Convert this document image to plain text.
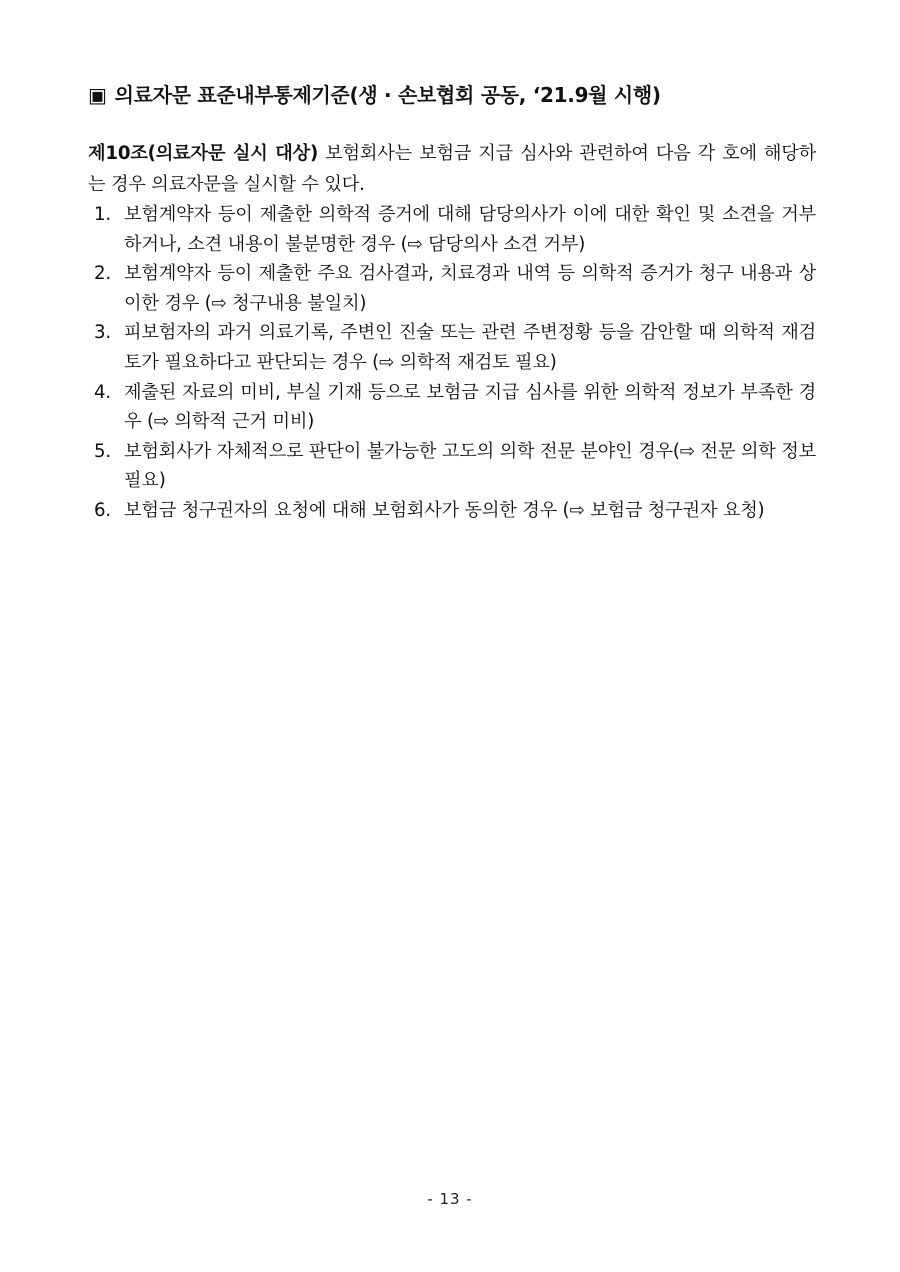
▣ 의료자문 표준내부통제기준(생 · 손보협회 공동, ‘21.9월 시행)
제10조(의료자문 실시 대상) 보험회사는 보험금 지급 심사와 관련하여 다음 각 호에 해당하는 경우 의료자문을 실시할 수 있다.
1. 보험계약자 등이 제출한 의학적 증거에 대해 담당의사가 이에 대한 확인 및 소견을 거부하거나, 소견 내용이 불분명한 경우 (⇨ 담당의사 소견 거부)
2. 보험계약자 등이 제출한 주요 검사결과, 치료경과 내역 등 의학적 증거가 청구 내용과 상이한 경우 (⇨ 청구내용 불일치)
3. 피보험자의 과거 의료기록, 주변인 진술 또는 관련 주변정황 등을 감안할 때 의학적 재검토가 필요하다고 판단되는 경우 (⇨ 의학적 재검토 필요)
4. 제출된 자료의 미비, 부실 기재 등으로 보험금 지급 심사를 위한 의학적 정보가 부족한 경우 (⇨ 의학적 근거 미비)
5. 보험회사가 자체적으로 판단이 불가능한 고도의 의학 전문 분야인 경우(⇨ 전문 의학 정보 필요)
6. 보험금 청구권자의 요청에 대해 보험회사가 동의한 경우 (⇨ 보험금 청구권자 요청)
- 13 -
